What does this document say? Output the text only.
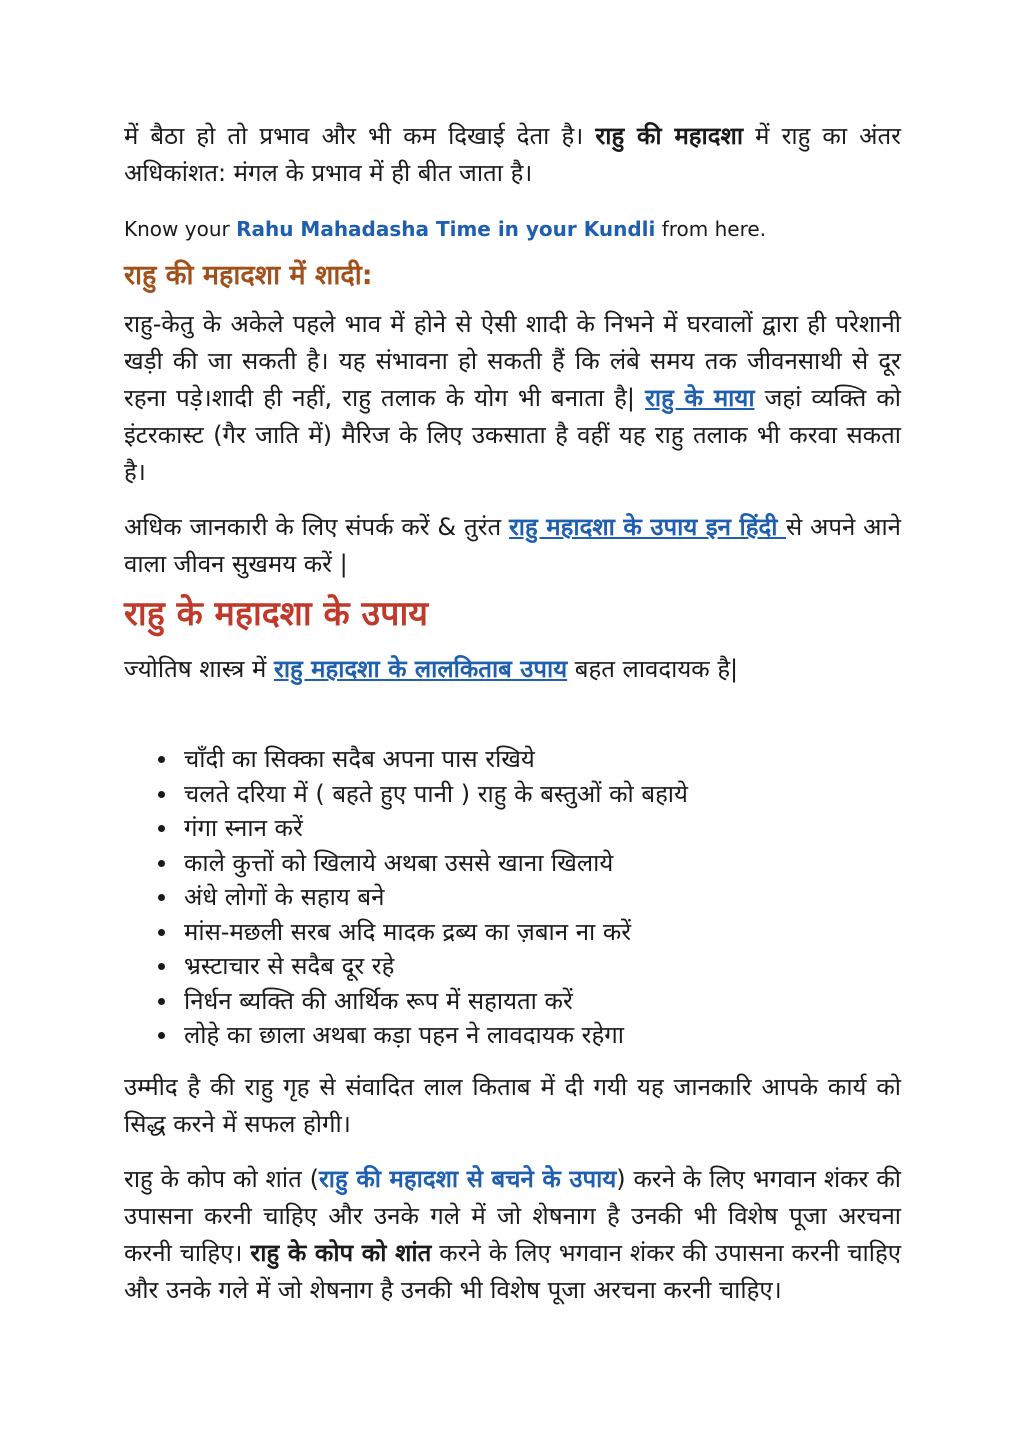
में बैठा हो तो प्रभाव और भी कम दिखाई देता है। राहु की महादशा में राहु का अंतर अधिकांशत: मंगल के प्रभाव में ही बीत जाता है।

Know your Rahu Mahadasha Time in your Kundli from here.

राहु की महादशा में शादी:

राहु-केतु के अकेले पहले भाव में होने से ऐसी शादी के निभने में घरवालों द्वारा ही परेशानी खड़ी की जा सकती है। यह संभावना हो सकती हैं कि लंबे समय तक जीवनसाथी से दूर रहना पड़े।शादी ही नहीं, राहु तलाक के योग भी बनाता है| राहु के माया जहां व्यक्ति को इंटरकास्ट (गैर जाति में) मैरिज के लिए उकसाता है वहीं यह राहु तलाक भी करवा सकता है।

अधिक जानकारी के लिए संपर्क करें & तुरंत राहु महादशा के उपाय इन हिंदी से अपने आने वाला जीवन सुखमय करें |

राहु के महादशा के उपाय

ज्योतिष शास्त्र में राहु महादशा के लालकिताब उपाय बहत लावदायक है|

चाँदी का सिक्का सदैब अपना पास रखिये
चलते दरिया में ( बहते हुए पानी ) राहु के बस्तुओं को बहाये
गंगा स्नान करें
काले कुत्तों को खिलाये अथबा उससे खाना खिलाये
अंधे लोगों के सहाय बने
मांस-मछली सरब अदि मादक द्रब्य का ज़बान ना करें
भ्रस्टाचार से सदैब दूर रहे
निर्धन ब्यक्ति की आर्थिक रूप में सहायता करें
लोहे का छाला अथबा कड़ा पहन ने लावदायक रहेगा

उम्मीद है की राहु गृह से संवादित लाल किताब में दी गयी यह जानकारि आपके कार्य को सिद्ध करने में सफल होगी।

राहु के कोप को शांत (राहु की महादशा से बचने के उपाय) करने के लिए भगवान शंकर की उपासना करनी चाहिए और उनके गले में जो शेषनाग है उनकी भी विशेष पूजा अरचना करनी चाहिए। राहु के कोप को शांत करने के लिए भगवान शंकर की उपासना करनी चाहिए और उनके गले में जो शेषनाग है उनकी भी विशेष पूजा अरचना करनी चाहिए।
